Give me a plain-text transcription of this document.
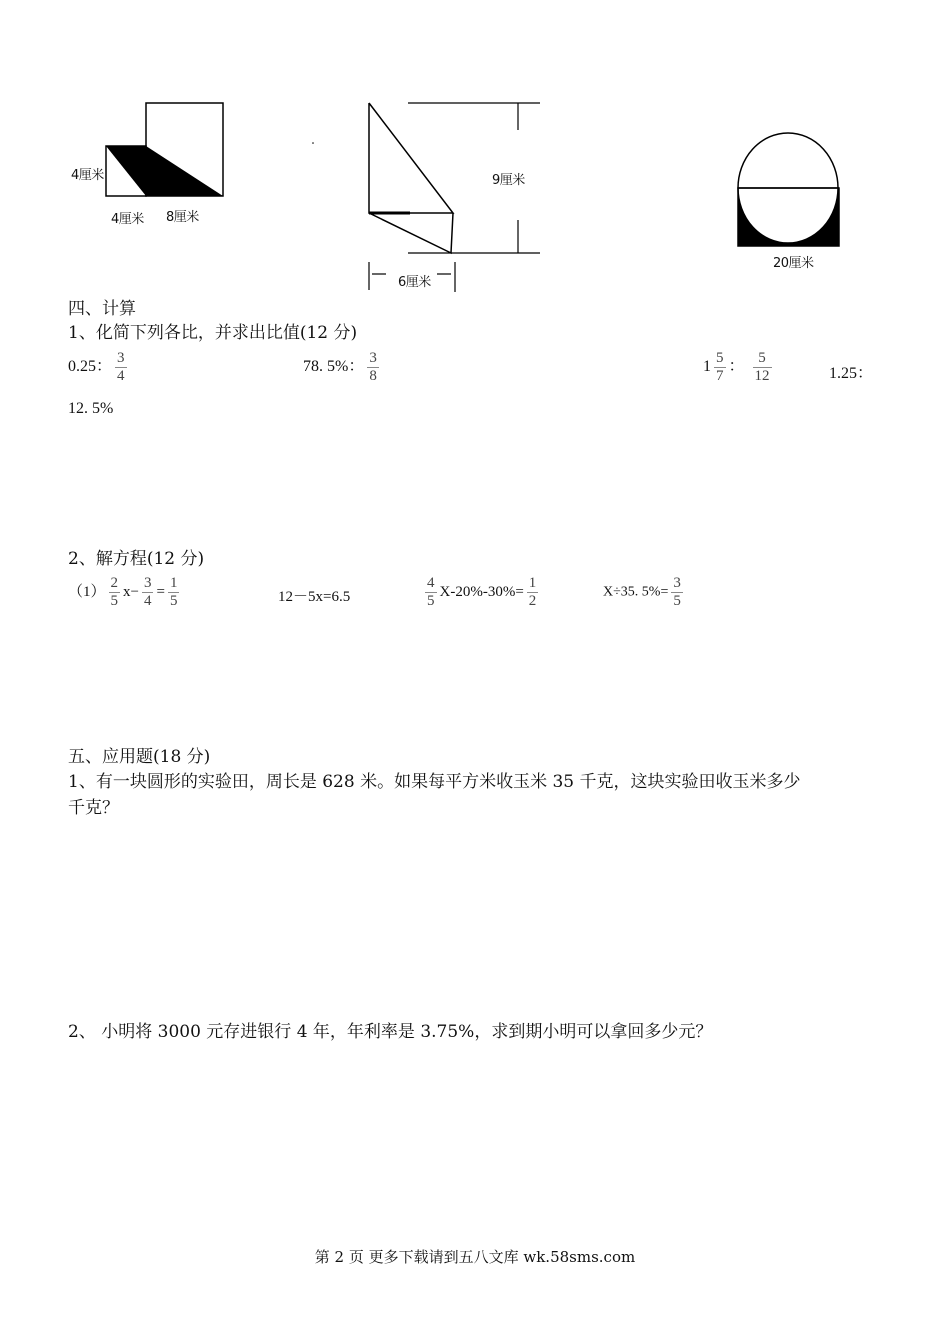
4厘米
4厘米 8厘米
9厘米
6厘米
20厘米
四、计算
1、化简下列各比，并求出比值(12 分)
0.25： $\frac{3}{4}$	78. 5%： $\frac{3}{8}$	$1 \frac{5}{7}$ ： $\frac{5}{12}$	1.25：
12. 5%
2、解方程(12 分)
$(1) \frac{2}{5} x- \frac{3}{4} = \frac{1}{5}$	12－5x=6.5	$\frac{4}{5} X-20\%-30\%= \frac{1}{2}$	X÷35. $5\%= \frac{3}{5}$
五、应用题(18 分)
1、有一块圆形的实验田，周长是 628 米。如果每平方米收玉米 35 千克，这块实验田收玉米多少
千克？
2、 小明将 3000 元存进银行 4 年，年利率是 3.75%，求到期小明可以拿回多少元？
第 2 页 更多下载请到五八文库 wk.58sms.com
